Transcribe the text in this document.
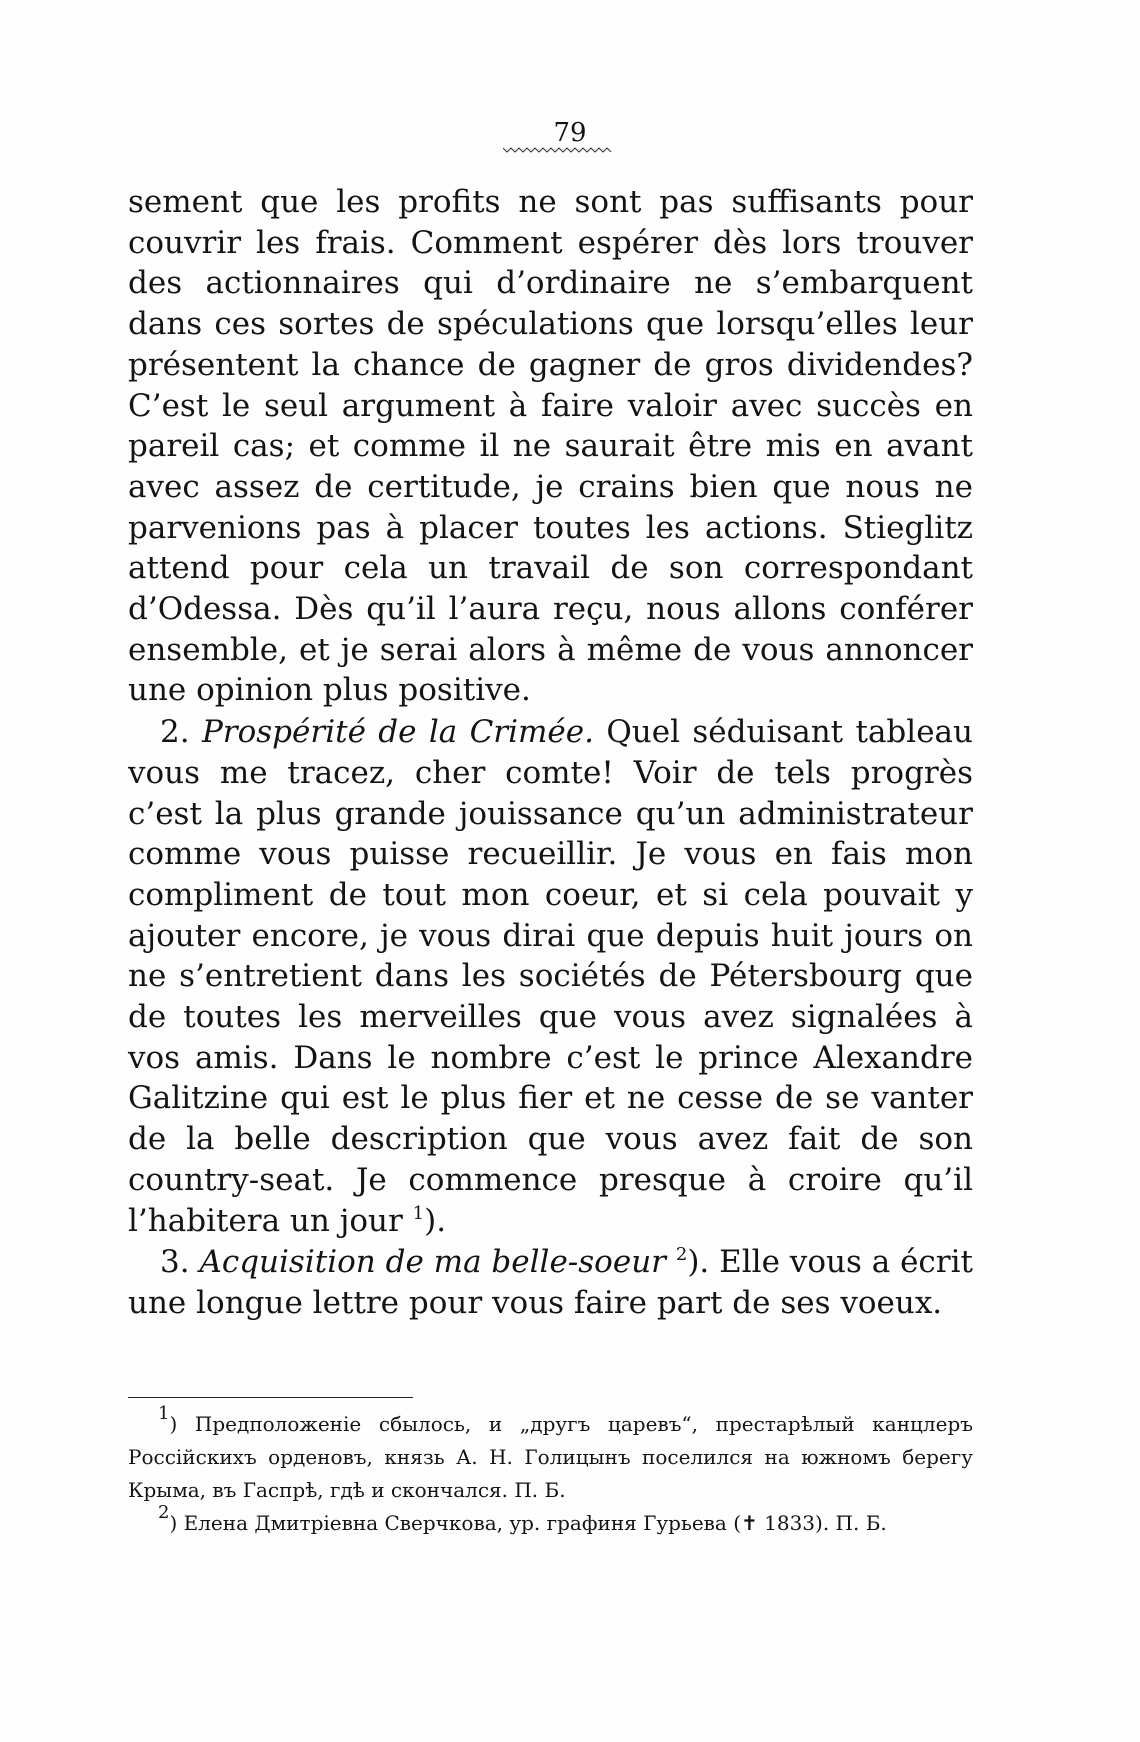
79

sement que les profits ne sont pas suffisants pour couvrir les frais. Comment espérer dès lors trouver des actionnaires qui d’ordinaire ne s’embarquent dans ces sortes de spéculations que lorsqu’elles leur présentent la chance de gagner de gros dividendes? C’est le seul argument à faire valoir avec succès en pareil cas; et comme il ne saurait être mis en avant avec assez de certitude, je crains bien que nous ne parvenions pas à placer toutes les actions. Stieglitz attend pour cela un travail de son correspondant d’Odessa. Dès qu’il l’aura reçu, nous allons conférer ensemble, et je serai alors à même de vous annoncer une opinion plus positive.

2. Prospérité de la Crimée. Quel séduisant tableau vous me tracez, cher comte! Voir de tels progrès c’est la plus grande jouissance qu’un administrateur comme vous puisse recueillir. Je vous en fais mon compliment de tout mon coeur, et si cela pouvait y ajouter encore, je vous dirai que depuis huit jours on ne s’entretient dans les sociétés de Pétersbourg que de toutes les merveilles que vous avez signalées à vos amis. Dans le nombre c’est le prince Alexandre Galitzine qui est le plus fier et ne cesse de se vanter de la belle description que vous avez fait de son country-seat. Je commence presque à croire qu’il l’habitera un jour $^1$).

3. Acquisition de ma belle-soeur $^2$). Elle vous a écrit une longue lettre pour vous faire part de ses voeux.

$^1$) Предположеніе сбылось, и „другъ царевъ“, престарѣлый канцлеръ Россійскихъ орденовъ, князь А. Н. Голицынъ поселился на южномъ берегу Крыма, въ Гаспрѣ, гдѣ и скончался. П. Б.

$^2$) Елена Дмитріевна Сверчкова, ур. графиня Гурьева (✝ 1833). П. Б.
